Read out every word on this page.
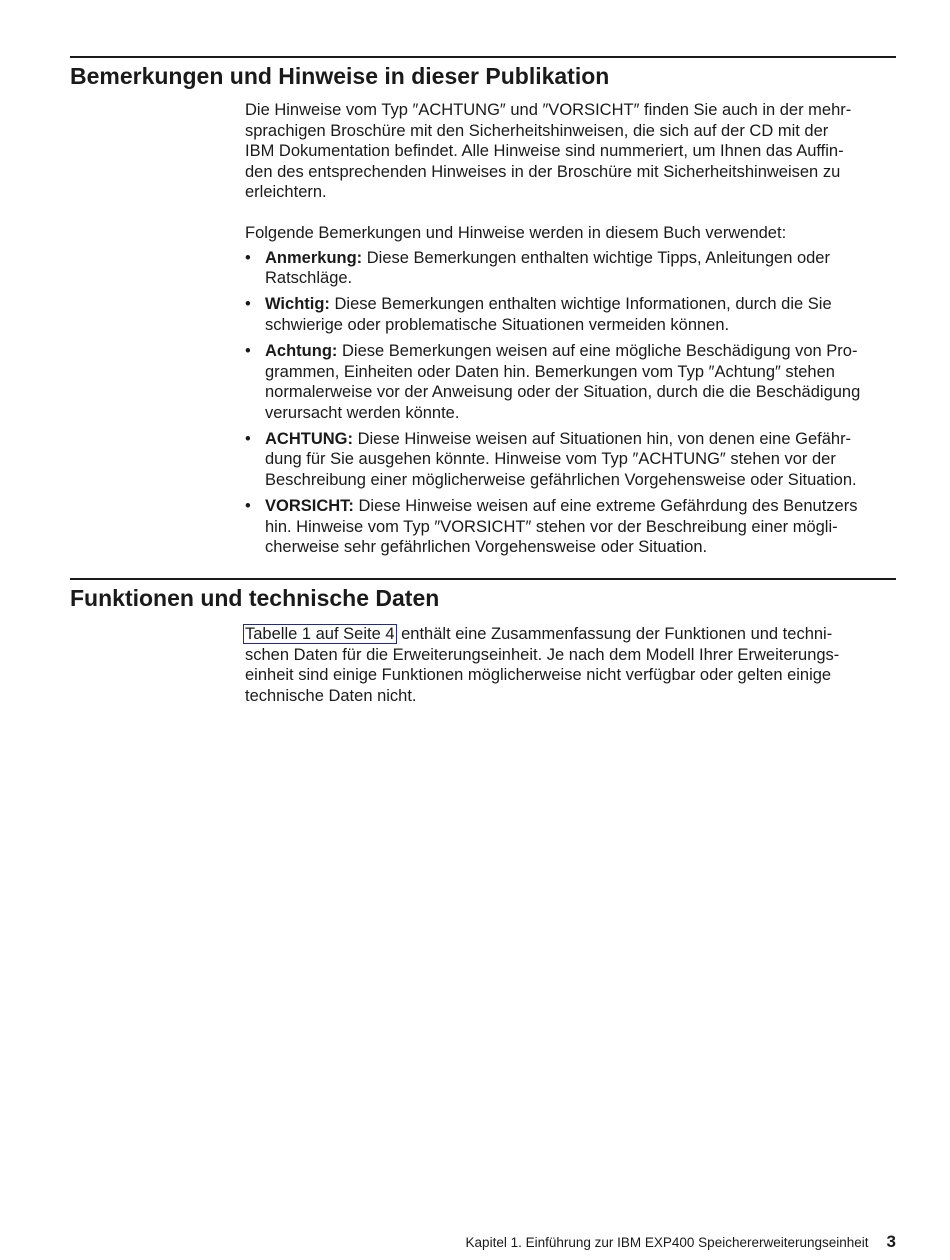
Bemerkungen und Hinweise in dieser Publikation

Die Hinweise vom Typ ″ACHTUNG″ und ″VORSICHT″ finden Sie auch in der mehr-
sprachigen Broschüre mit den Sicherheitshinweisen, die sich auf der CD mit der
IBM Dokumentation befindet. Alle Hinweise sind nummeriert, um Ihnen das Auffin-
den des entsprechenden Hinweises in der Broschüre mit Sicherheitshinweisen zu
erleichtern.

Folgende Bemerkungen und Hinweise werden in diesem Buch verwendet:

• Anmerkung: Diese Bemerkungen enthalten wichtige Tipps, Anleitungen oder
Ratschläge.
• Wichtig: Diese Bemerkungen enthalten wichtige Informationen, durch die Sie
schwierige oder problematische Situationen vermeiden können.
• Achtung: Diese Bemerkungen weisen auf eine mögliche Beschädigung von Pro-
grammen, Einheiten oder Daten hin. Bemerkungen vom Typ ″Achtung″ stehen
normalerweise vor der Anweisung oder der Situation, durch die die Beschädigung
verursacht werden könnte.
• ACHTUNG: Diese Hinweise weisen auf Situationen hin, von denen eine Gefähr-
dung für Sie ausgehen könnte. Hinweise vom Typ ″ACHTUNG″ stehen vor der
Beschreibung einer möglicherweise gefährlichen Vorgehensweise oder Situation.
• VORSICHT: Diese Hinweise weisen auf eine extreme Gefährdung des Benutzers
hin. Hinweise vom Typ ″VORSICHT″ stehen vor der Beschreibung einer mögli-
cherweise sehr gefährlichen Vorgehensweise oder Situation.
Funktionen und technische Daten

Tabelle 1 auf Seite 4 enthält eine Zusammenfassung der Funktionen und techni-
schen Daten für die Erweiterungseinheit. Je nach dem Modell Ihrer Erweiterungs-
einheit sind einige Funktionen möglicherweise nicht verfügbar oder gelten einige
technische Daten nicht.

Kapitel 1. Einführung zur IBM EXP400 Speichererweiterungseinheit 3
